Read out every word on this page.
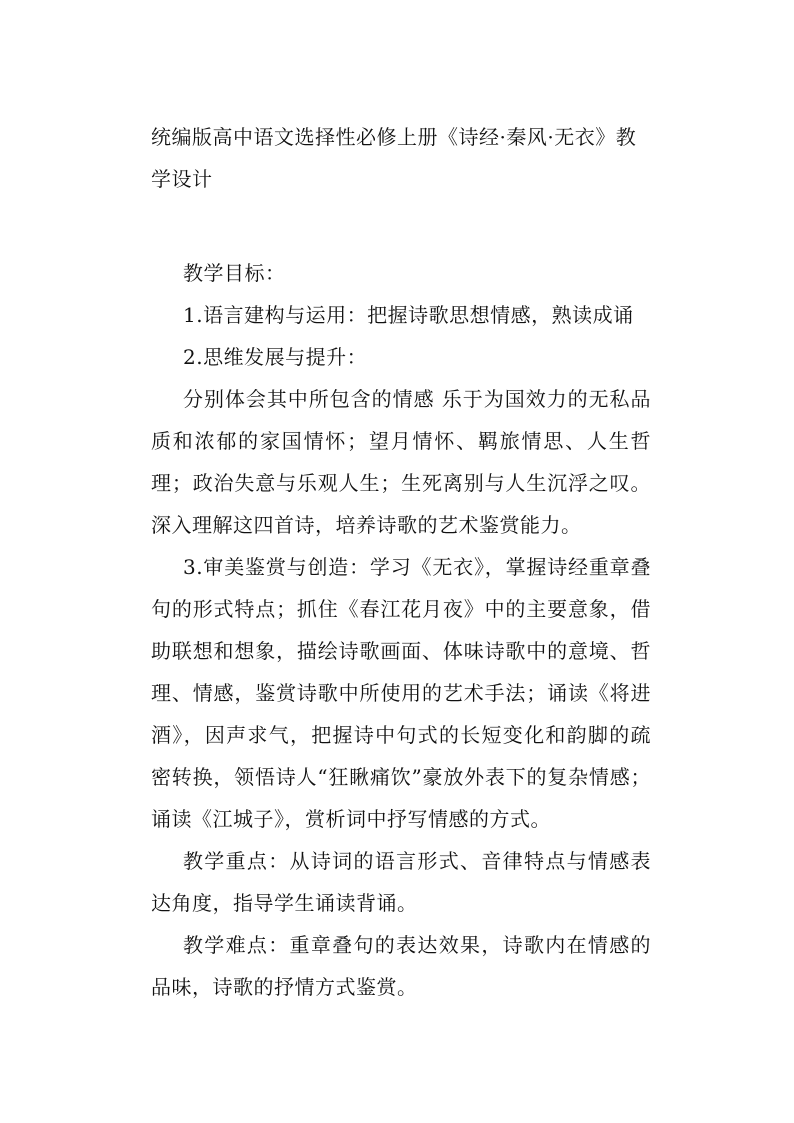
统编版高中语文选择性必修上册《诗经·秦风·无衣》教学设计

教学目标：

1.语言建构与运用：把握诗歌思想情感，熟读成诵

2.思维发展与提升：

分别体会其中所包含的情感 乐于为国效力的无私品质和浓郁的家国情怀；望月情怀、羁旅情思、人生哲理；政治失意与乐观人生；生死离别与人生沉浮之叹。深入理解这四首诗，培养诗歌的艺术鉴赏能力。

3.审美鉴赏与创造：学习《无衣》，掌握诗经重章叠句的形式特点；抓住《春江花月夜》中的主要意象，借助联想和想象，描绘诗歌画面、体味诗歌中的意境、哲理、情感，鉴赏诗歌中所使用的艺术手法；诵读《将进酒》，因声求气，把握诗中句式的长短变化和韵脚的疏密转换，领悟诗人“狂瞅痛饮”豪放外表下的复杂情感；诵读《江城子》，赏析词中抒写情感的方式。

教学重点：从诗词的语言形式、音律特点与情感表达角度，指导学生诵读背诵。

教学难点：重章叠句的表达效果，诗歌内在情感的品味，诗歌的抒情方式鉴赏。
